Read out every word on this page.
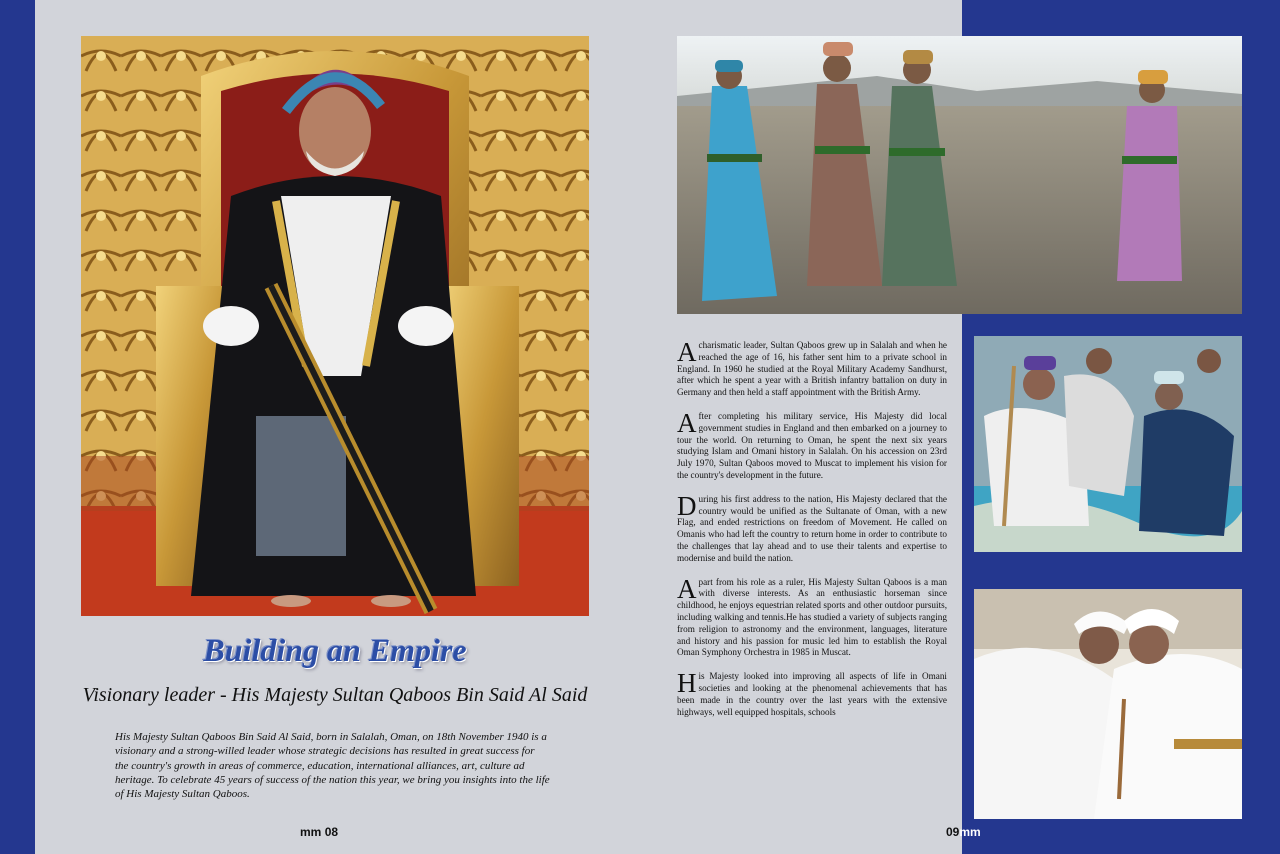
Building an Empire
Visionary leader - His Majesty Sultan Qaboos Bin Said Al Said
His Majesty Sultan Qaboos Bin Said Al Said, born in Salalah, Oman, on 18th November 1940 is a visionary and a strong-willed leader whose strategic decisions has resulted in great success for the country's growth in areas of commerce, education, international alliances, art, culture ad heritage. To celebrate 45 years of success of the nation this year, we bring you insights into the life of His Majesty Sultan Qaboos.

A charismatic leader, Sultan Qaboos grew up in Salalah and when he reached the age of 16, his father sent him to a private school in England. In 1960 he studied at the Royal Military Academy Sandhurst, after which he spent a year with a British infantry battalion on duty in Germany and then held a staff appointment with the British Army.

After completing his military service, His Majesty did local government studies in England and then embarked on a journey to tour the world. On returning to Oman, he spent the next six years studying Islam and Omani history in Salalah. On his accession on 23rd July 1970, Sultan Qaboos moved to Muscat to implement his vision for the country's development in the future.

During his first address to the nation, His Majesty declared that the country would be unified as the Sultanate of Oman, with a new Flag, and ended restrictions on freedom of Movement. He called on Omanis who had left the country to return home in order to contribute to the challenges that lay ahead and to use their talents and expertise to modernise and build the nation.

Apart from his role as a ruler, His Majesty Sultan Qaboos is a man with diverse interests. As an enthusiastic horseman since childhood, he enjoys equestrian related sports and other outdoor pursuits, including walking and tennis.He has studied a variety of subjects ranging from religion to astronomy and the environment, languages, literature and history and his passion for music led him to establish the Royal Oman Symphony Orchestra in 1985 in Muscat.

His Majesty looked into improving all aspects of life in Omani societies and looking at the phenomenal achievements that has been made in the country over the last years with the extensive highways, well equipped hospitals, schools

mm 08	09mm
